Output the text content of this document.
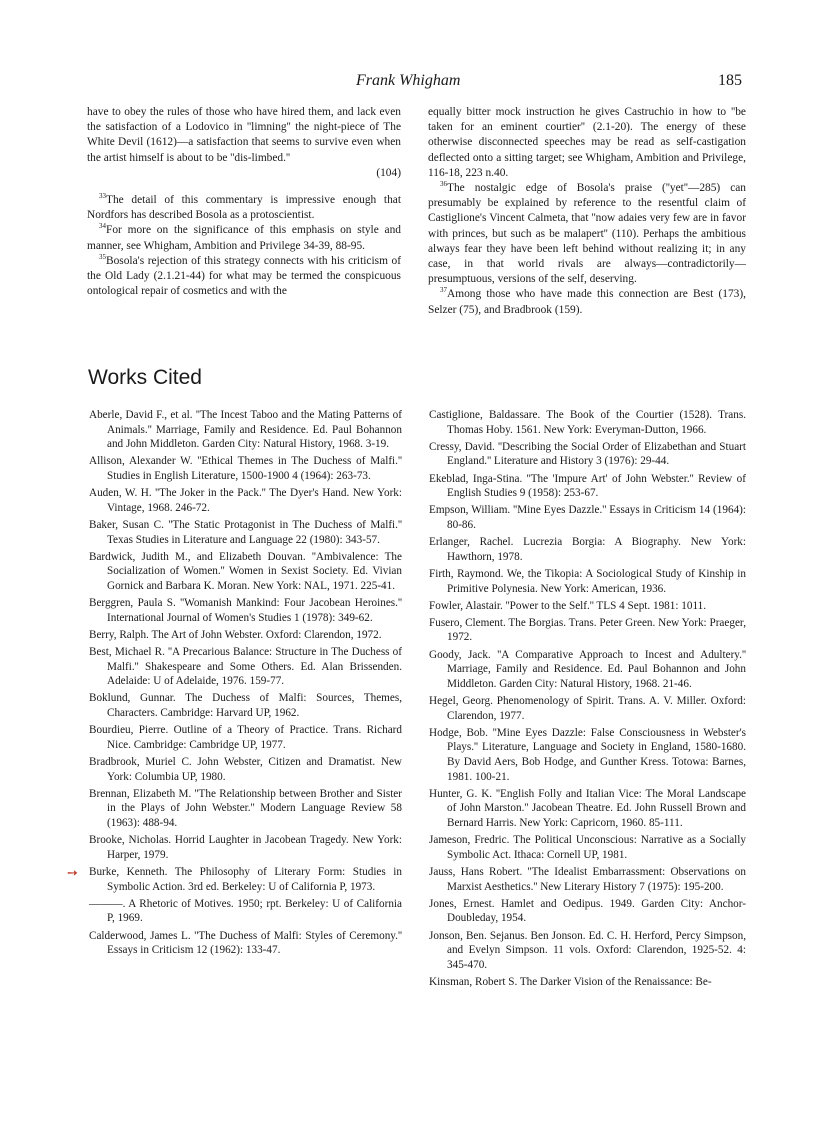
Frank Whigham	185

have to obey the rules of those who have hired them, and lack even the satisfaction of a Lodovico in ''limning'' the night-piece of The White Devil (1612)—a satisfaction that seems to survive even when the artist himself is about to be ''dis-limbed.''

(104)

$^{33}$The detail of this commentary is impressive enough that Nordfors has described Bosola as a protoscientist.

$^{34}$For more on the significance of this emphasis on style and manner, see Whigham, Ambition and Privilege 34-39, 88-95.

$^{35}$Bosola's rejection of this strategy connects with his criticism of the Old Lady (2.1.21-44) for what may be termed the conspicuous ontological repair of cosmetics and with the

equally bitter mock instruction he gives Castruchio in how to ''be taken for an eminent courtier'' (2.1-20). The energy of these otherwise disconnected speeches may be read as self-castigation deflected onto a sitting target; see Whigham, Ambition and Privilege, 116-18, 223 n.40.

$^{36}$The nostalgic edge of Bosola's praise (''yet''—285) can presumably be explained by reference to the resentful claim of Castiglione's Vincent Calmeta, that ''now adaies very few are in favor with princes, but such as be malapert'' (110). Perhaps the ambitious always fear they have been left behind without realizing it; in any case, in that world rivals are always—contradictorily—presumptuous, versions of the self, deserving.

$^{37}$Among those who have made this connection are Best (173), Selzer (75), and Bradbrook (159).

Works Cited
➙
Aberle, David F., et al. ''The Incest Taboo and the Mating Patterns of Animals.'' Marriage, Family and Residence. Ed. Paul Bohannon and John Middleton. Garden City: Natural History, 1968. 3-19.
Allison, Alexander W. ''Ethical Themes in The Duchess of Malfi.'' Studies in English Literature, 1500-1900 4 (1964): 263-73.
Auden, W. H. ''The Joker in the Pack.'' The Dyer's Hand. New York: Vintage, 1968. 246-72.
Baker, Susan C. ''The Static Protagonist in The Duchess of Malfi.'' Texas Studies in Literature and Language 22 (1980): 343-57.
Bardwick, Judith M., and Elizabeth Douvan. ''Ambivalence: The Socialization of Women.'' Women in Sexist Society. Ed. Vivian Gornick and Barbara K. Moran. New York: NAL, 1971. 225-41.
Berggren, Paula S. ''Womanish Mankind: Four Jacobean Heroines.'' International Journal of Women's Studies 1 (1978): 349-62.
Berry, Ralph. The Art of John Webster. Oxford: Clarendon, 1972.
Best, Michael R. ''A Precarious Balance: Structure in The Duchess of Malfi.'' Shakespeare and Some Others. Ed. Alan Brissenden. Adelaide: U of Adelaide, 1976. 159-77.
Boklund, Gunnar. The Duchess of Malfi: Sources, Themes, Characters. Cambridge: Harvard UP, 1962.
Bourdieu, Pierre. Outline of a Theory of Practice. Trans. Richard Nice. Cambridge: Cambridge UP, 1977.
Bradbrook, Muriel C. John Webster, Citizen and Dramatist. New York: Columbia UP, 1980.
Brennan, Elizabeth M. ''The Relationship between Brother and Sister in the Plays of John Webster.'' Modern Language Review 58 (1963): 488-94.
Brooke, Nicholas. Horrid Laughter in Jacobean Tragedy. New York: Harper, 1979.
Burke, Kenneth. The Philosophy of Literary Form: Studies in Symbolic Action. 3rd ed. Berkeley: U of California P, 1973.
———. A Rhetoric of Motives. 1950; rpt. Berkeley: U of California P, 1969.
Calderwood, James L. ''The Duchess of Malfi: Styles of Ceremony.'' Essays in Criticism 12 (1962): 133-47.
Castiglione, Baldassare. The Book of the Courtier (1528). Trans. Thomas Hoby. 1561. New York: Everyman-Dutton, 1966.
Cressy, David. ''Describing the Social Order of Elizabethan and Stuart England.'' Literature and History 3 (1976): 29-44.
Ekeblad, Inga-Stina. ''The 'Impure Art' of John Webster.'' Review of English Studies 9 (1958): 253-67.
Empson, William. ''Mine Eyes Dazzle.'' Essays in Criticism 14 (1964): 80-86.
Erlanger, Rachel. Lucrezia Borgia: A Biography. New York: Hawthorn, 1978.
Firth, Raymond. We, the Tikopia: A Sociological Study of Kinship in Primitive Polynesia. New York: American, 1936.
Fowler, Alastair. ''Power to the Self.'' TLS 4 Sept. 1981: 1011.
Fusero, Clement. The Borgias. Trans. Peter Green. New York: Praeger, 1972.
Goody, Jack. ''A Comparative Approach to Incest and Adultery.'' Marriage, Family and Residence. Ed. Paul Bohannon and John Middleton. Garden City: Natural History, 1968. 21-46.
Hegel, Georg. Phenomenology of Spirit. Trans. A. V. Miller. Oxford: Clarendon, 1977.
Hodge, Bob. ''Mine Eyes Dazzle: False Consciousness in Webster's Plays.'' Literature, Language and Society in England, 1580-1680. By David Aers, Bob Hodge, and Gunther Kress. Totowa: Barnes, 1981. 100-21.
Hunter, G. K. ''English Folly and Italian Vice: The Moral Landscape of John Marston.'' Jacobean Theatre. Ed. John Russell Brown and Bernard Harris. New York: Capricorn, 1960. 85-111.
Jameson, Fredric. The Political Unconscious: Narrative as a Socially Symbolic Act. Ithaca: Cornell UP, 1981.
Jauss, Hans Robert. ''The Idealist Embarrassment: Observations on Marxist Aesthetics.'' New Literary History 7 (1975): 195-200.
Jones, Ernest. Hamlet and Oedipus. 1949. Garden City: Anchor-Doubleday, 1954.
Jonson, Ben. Sejanus. Ben Jonson. Ed. C. H. Herford, Percy Simpson, and Evelyn Simpson. 11 vols. Oxford: Clarendon, 1925-52. 4: 345-470.
Kinsman, Robert S. The Darker Vision of the Renaissance: Be-
